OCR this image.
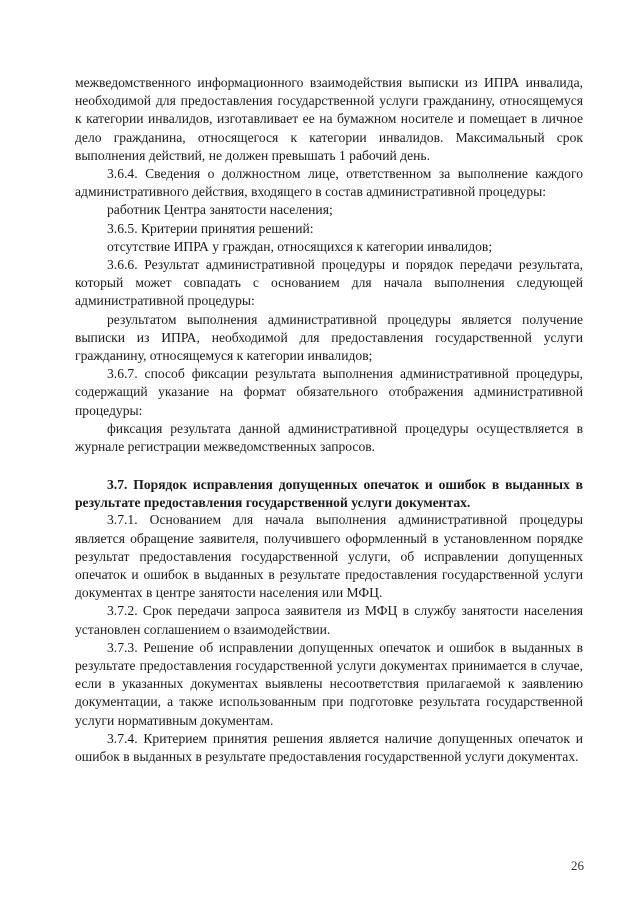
межведомственного информационного взаимодействия выписки из ИПРА инвалида, необходимой для предоставления государственной услуги гражданину, относящемуся к категории инвалидов, изготавливает ее на бумажном носителе и помещает в личное дело гражданина, относящегося к категории инвалидов. Максимальный срок выполнения действий, не должен превышать 1 рабочий день.

3.6.4. Сведения о должностном лице, ответственном за выполнение каждого административного действия, входящего в состав административной процедуры:

работник Центра занятости населения;

3.6.5. Критерии принятия решений:

отсутствие ИПРА у граждан, относящихся к категории инвалидов;

3.6.6. Результат административной процедуры и порядок передачи результата, который может совпадать с основанием для начала выполнения следующей административной процедуры:

результатом выполнения административной процедуры является получение выписки из ИПРА, необходимой для предоставления государственной услуги гражданину, относящемуся к категории инвалидов;

3.6.7. способ фиксации результата выполнения административной процедуры, содержащий указание на формат обязательного отображения административной процедуры:

фиксация результата данной административной процедуры осуществляется в журнале регистрации межведомственных запросов.

3.7. Порядок исправления допущенных опечаток и ошибок в выданных в результате предоставления государственной услуги документах.

3.7.1. Основанием для начала выполнения административной процедуры является обращение заявителя, получившего оформленный в установленном порядке результат предоставления государственной услуги, об исправлении допущенных опечаток и ошибок в выданных в результате предоставления государственной услуги документах в центре занятости населения или МФЦ.

3.7.2. Срок передачи запроса заявителя из МФЦ в службу занятости населения установлен соглашением о взаимодействии.

3.7.3. Решение об исправлении допущенных опечаток и ошибок в выданных в результате предоставления государственной услуги документах принимается в случае, если в указанных документах выявлены несоответствия прилагаемой к заявлению документации, а также использованным при подготовке результата государственной услуги нормативным документам.

3.7.4. Критерием принятия решения является наличие допущенных опечаток и ошибок в выданных в результате предоставления государственной услуги документах.

26
